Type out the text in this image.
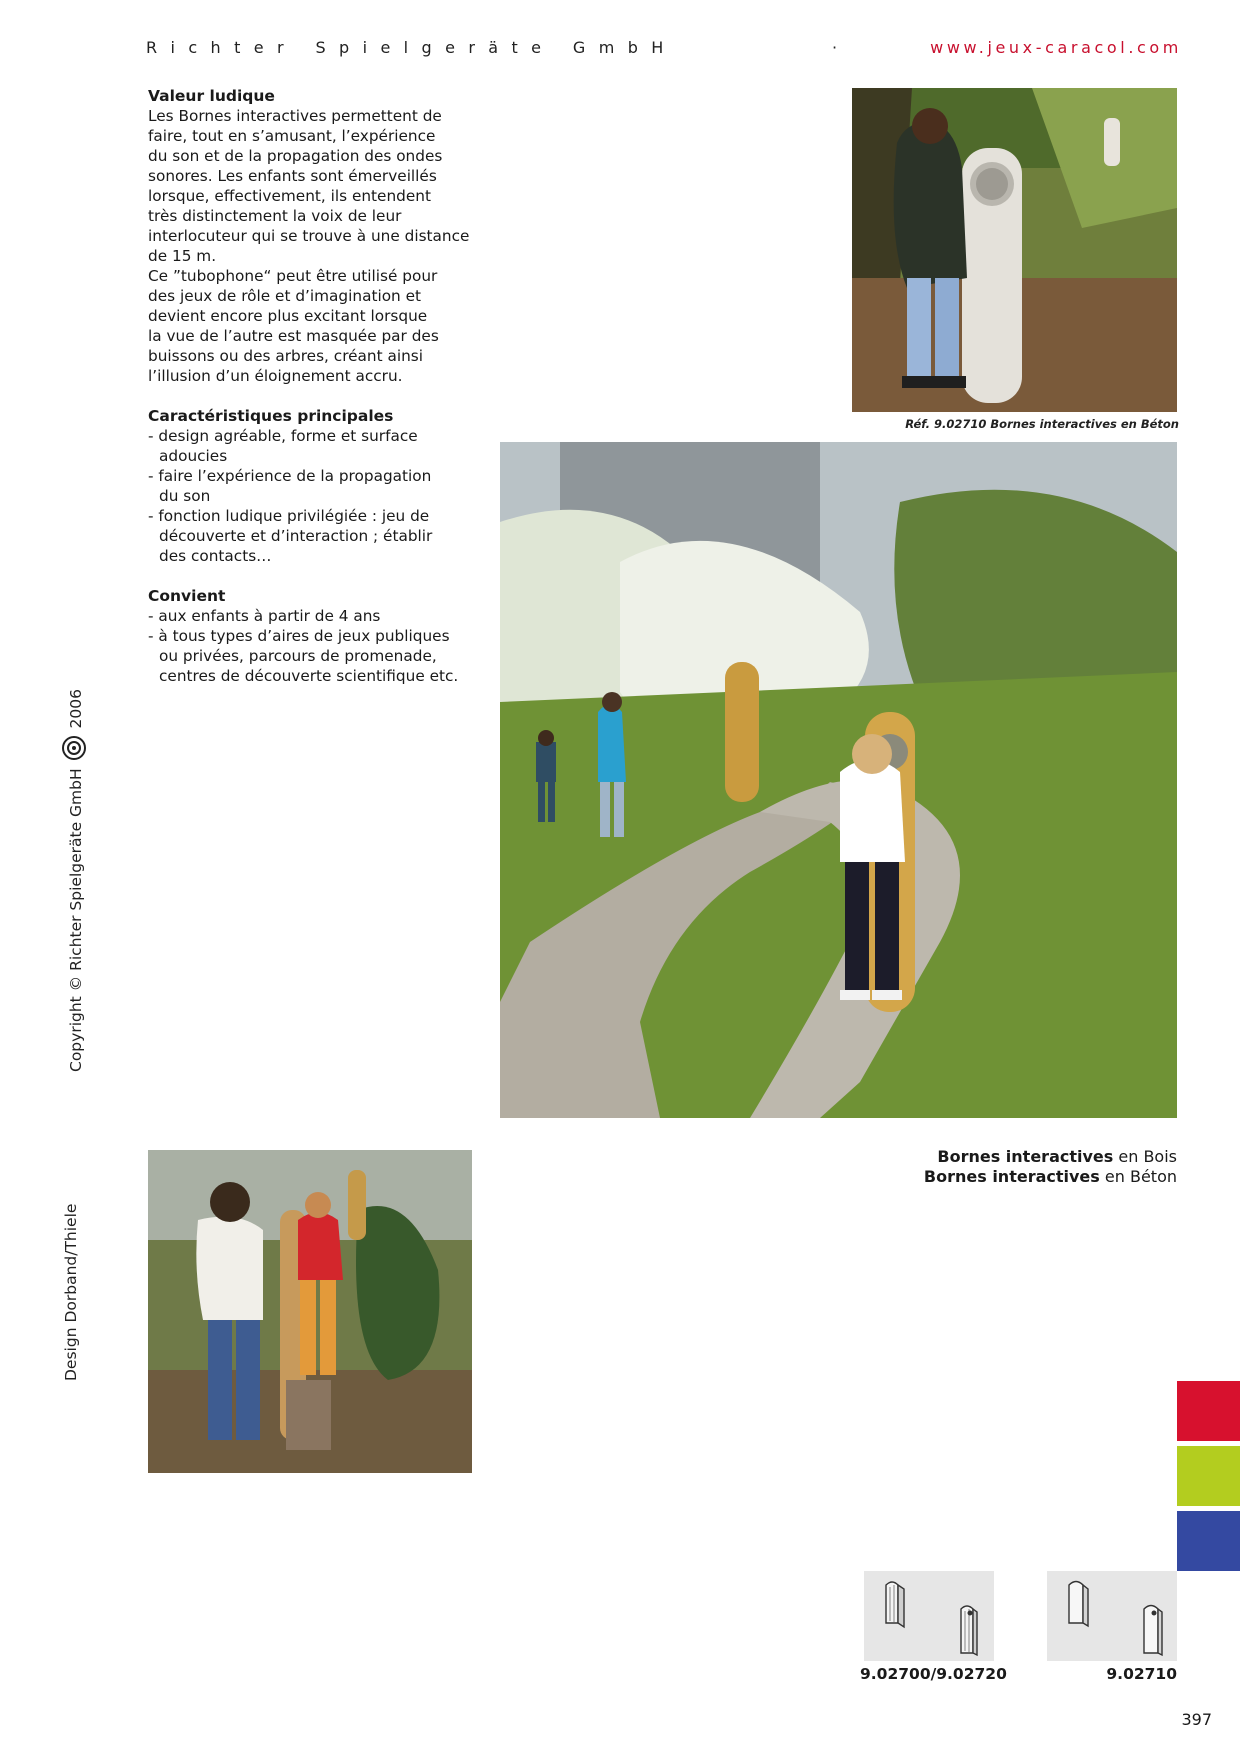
Richter Spielgeräte GmbH	·	www.jeux-caracol.com
Valeur ludique
Les Bornes interactives permettent de
faire, tout en s’amusant, l’expérience
du son et de la propagation des ondes
sonores. Les enfants sont émerveillés
lorsque, effectivement, ils entendent
très distinctement la voix de leur
interlocuteur qui se trouve à une distance
de 15 m.
Ce ”tubophone“ peut être utilisé pour
des jeux de rôle et d’imagination et
devient encore plus excitant lorsque
la vue de l’autre est masquée par des
buissons ou des arbres, créant ainsi
l’illusion d’un éloignement accru.
Caractéristiques principales
- design agréable, forme et surface
adoucies
- faire l’expérience de la propagation
du son
- fonction ludique privilégiée : jeu de
découverte et d’interaction ; établir
des contacts…
Convient
- aux enfants à partir de 4 ans
- à tous types d’aires de jeux publiques
ou privées, parcours de promenade,
centres de découverte scientifique etc.
Réf. 9.02710 Bornes interactives en Béton
Bornes interactives en Bois
Bornes interactives en Béton
Copyright © Richter Spielgeräte GmbH  2006
Design Dorband/Thiele
9.02700/9.02720	9.02710
397
